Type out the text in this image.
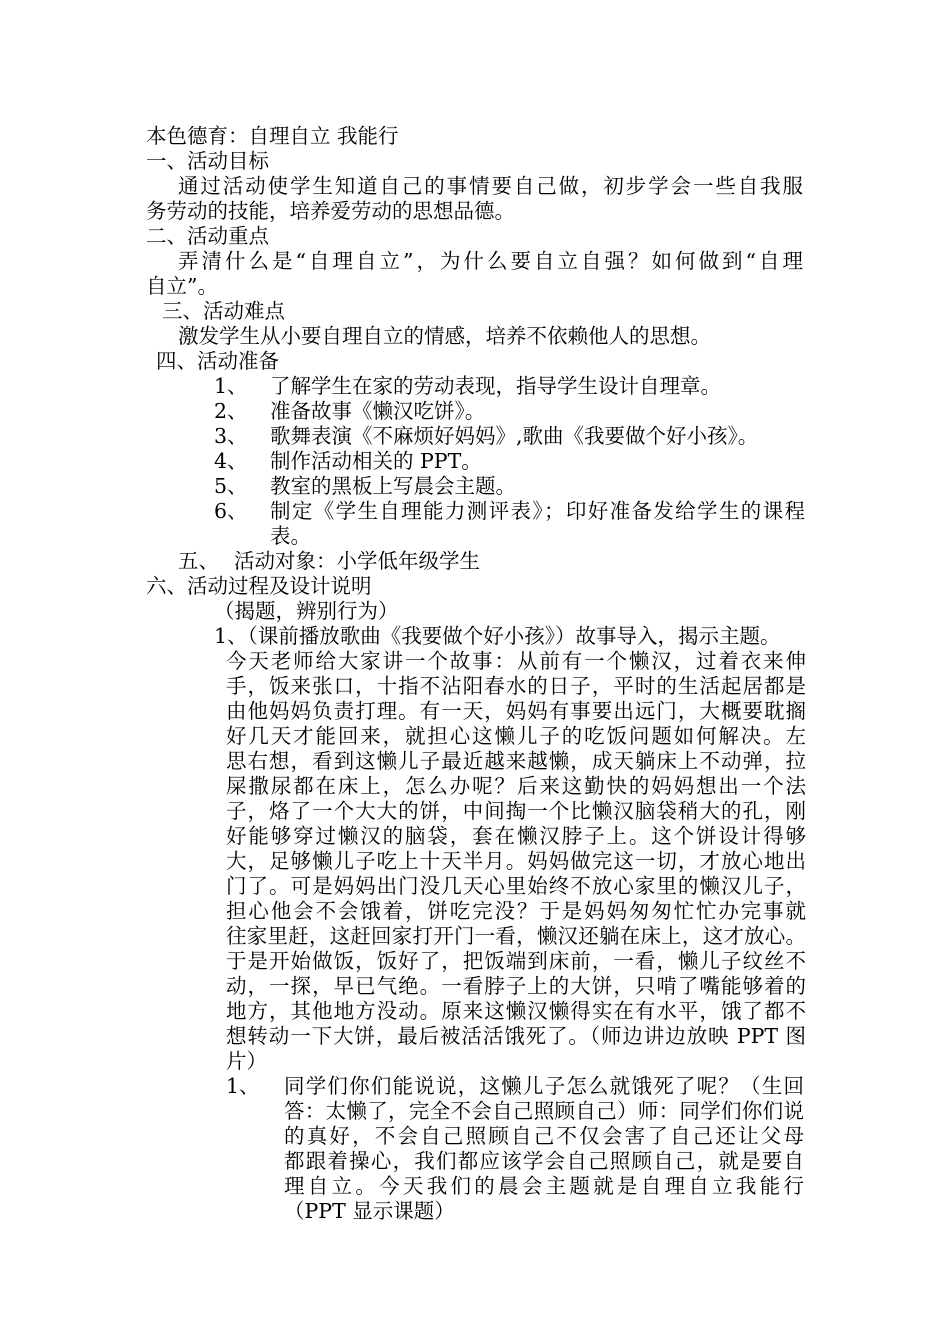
本色德育：自理自立 我能行
一、活动目标
通过活动使学生知道自己的事情要自己做，初步学会一些自我服
务劳动的技能，培养爱劳动的思想品德。
二、活动重点
弄清什么是“自理自立”，为什么要自立自强？如何做到“自理
自立”。
三、活动难点
激发学生从小要自理自立的情感，培养不依赖他人的思想。
四、活动准备
1、 了解学生在家的劳动表现，指导学生设计自理章。
2、 准备故事《懒汉吃饼》。
3、 歌舞表演《不麻烦好妈妈》,歌曲《我要做个好小孩》。
4、 制作活动相关的 PPT。
5、 教室的黑板上写晨会主题。
6、 制定《学生自理能力测评表》；印好准备发给学生的课程
表。
五、 活动对象：小学低年级学生
六、活动过程及设计说明
（揭题，辨别行为）
1、（课前播放歌曲《我要做个好小孩》）故事导入，揭示主题。
今天老师给大家讲一个故事：从前有一个懒汉，过着衣来伸
手，饭来张口，十指不沾阳春水的日子，平时的生活起居都是
由他妈妈负责打理。有一天，妈妈有事要出远门，大概要耽搁
好几天才能回来，就担心这懒儿子的吃饭问题如何解决。左
思右想，看到这懒儿子最近越来越懒，成天躺床上不动弹，拉
屎撒尿都在床上，怎么办呢？后来这勤快的妈妈想出一个法
子，烙了一个大大的饼，中间掏一个比懒汉脑袋稍大的孔，刚
好能够穿过懒汉的脑袋，套在懒汉脖子上。这个饼设计得够
大，足够懒儿子吃上十天半月。妈妈做完这一切，才放心地出
门了。可是妈妈出门没几天心里始终不放心家里的懒汉儿子，
担心他会不会饿着，饼吃完没？于是妈妈匆匆忙忙办完事就
往家里赶，这赶回家打开门一看，懒汉还躺在床上，这才放心。
于是开始做饭，饭好了，把饭端到床前，一看，懒儿子纹丝不
动，一探，早已气绝。一看脖子上的大饼，只啃了嘴能够着的
地方，其他地方没动。原来这懒汉懒得实在有水平，饿了都不
想转动一下大饼，最后被活活饿死了。（师边讲边放映 PPT 图
片）
1、 同学们你们能说说，这懒儿子怎么就饿死了呢？（生回
答：太懒了，完全不会自己照顾自己）师：同学们你们说
的真好，不会自己照顾自己不仅会害了自己还让父母
都跟着操心，我们都应该学会自己照顾自己，就是要自
理自立。今天我们的晨会主题就是自理自立我能行
（PPT 显示课题）
